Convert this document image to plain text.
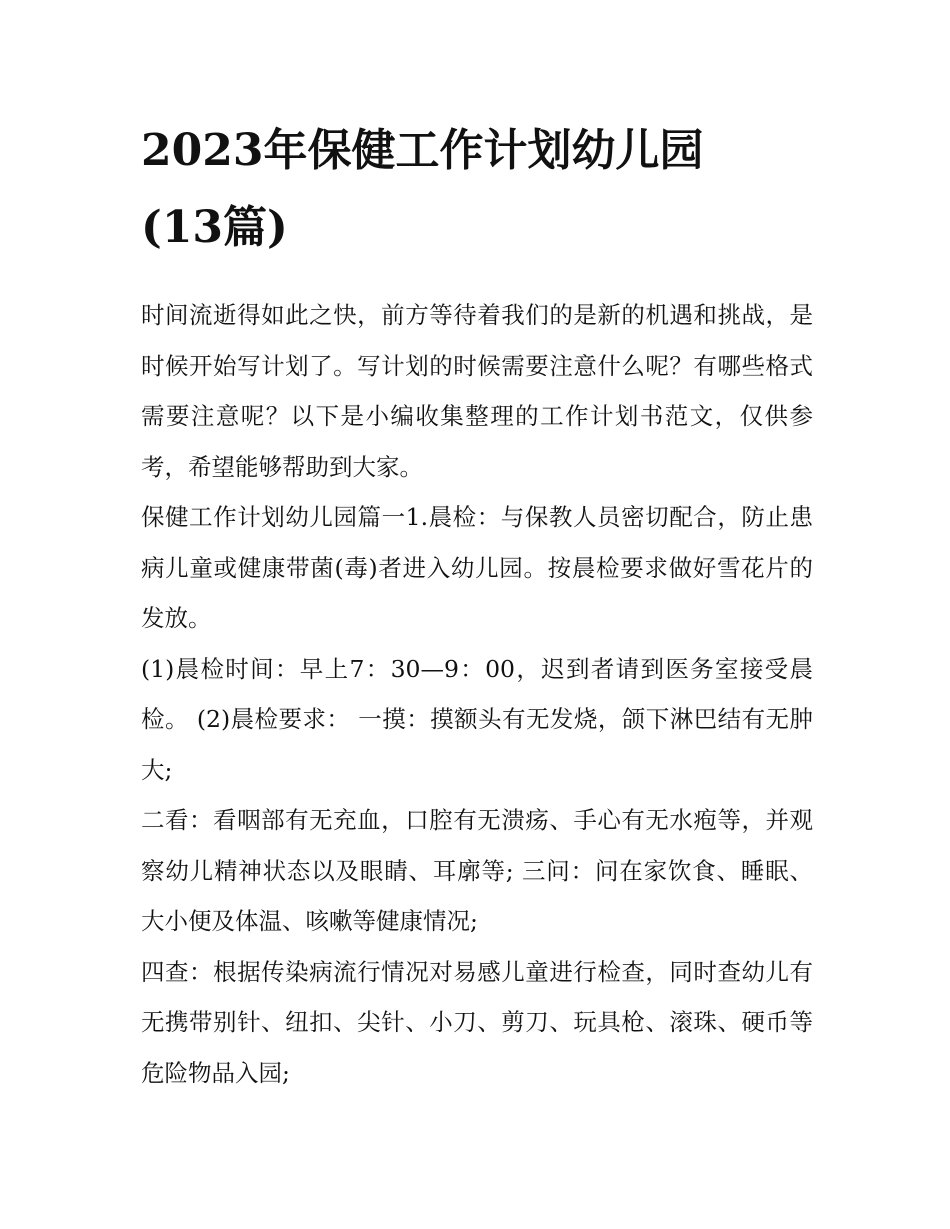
2023年保健工作计划幼儿园
(13篇)

时间流逝得如此之快，前方等待着我们的是新的机遇和挑战，是时候开始写计划了。写计划的时候需要注意什么呢？有哪些格式需要注意呢？以下是小编收集整理的工作计划书范文，仅供参考，希望能够帮助到大家。

保健工作计划幼儿园篇一1.晨检：与保教人员密切配合，防止患病儿童或健康带菌(毒)者进入幼儿园。按晨检要求做好雪花片的发放。

(1)晨检时间：早上7：30—9：00，迟到者请到医务室接受晨检。 (2)晨检要求： 一摸：摸额头有无发烧，颌下淋巴结有无肿大;

二看：看咽部有无充血，口腔有无溃疡、手心有无水疱等，并观察幼儿精神状态以及眼睛、耳廓等; 三问：问在家饮食、睡眠、大小便及体温、咳嗽等健康情况;

四查：根据传染病流行情况对易感儿童进行检查，同时查幼儿有无携带别针、纽扣、尖针、小刀、剪刀、玩具枪、滚珠、硬币等危险物品入园;
